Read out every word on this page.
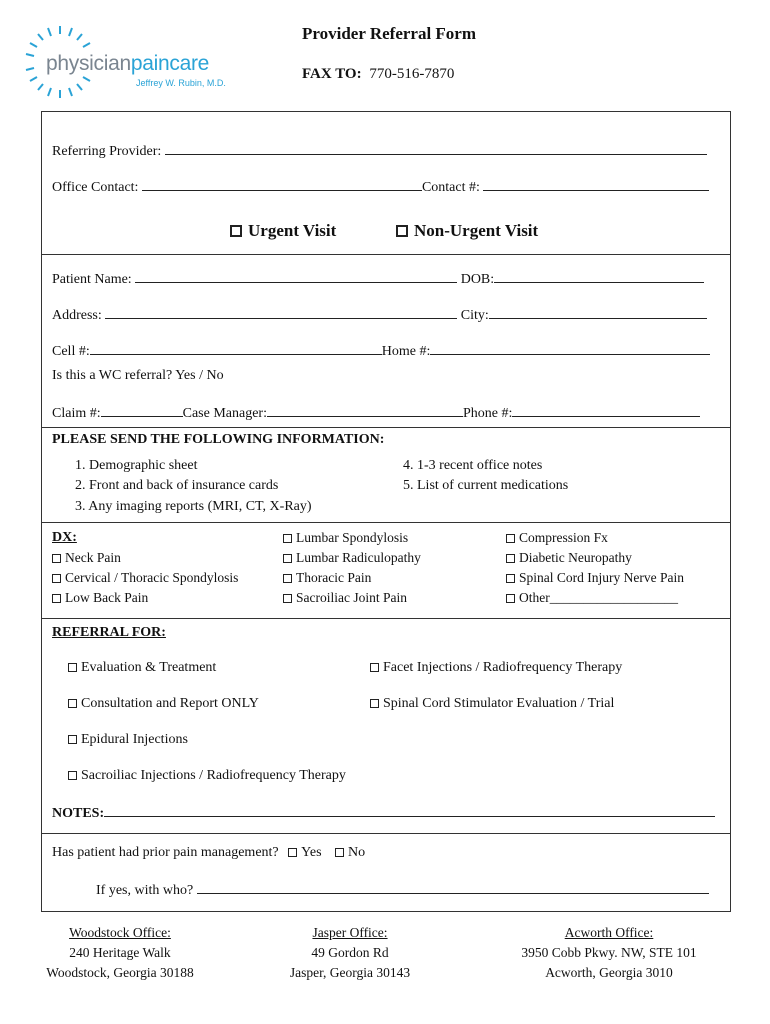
physicianpaincare
Jeffrey W. Rubin, M.D.
Provider Referral Form
FAX TO: 770-516-7870
Referring Provider:
Office Contact:	Contact #:
Urgent Visit	Non-Urgent Visit
Patient Name:	DOB:
Address:	City:
Cell #:	Home #:
Is this a WC referral? Yes / No
Claim #:	Case Manager:	Phone #:
PLEASE SEND THE FOLLOWING INFORMATION:
1. Demographic sheet
2. Front and back of insurance cards
3. Any imaging reports (MRI, CT, X-Ray)
4. 1-3 recent office notes
5. List of current medications
DX:
Neck Pain
Cervical / Thoracic Spondylosis
Low Back Pain
Lumbar Spondylosis
Lumbar Radiculopathy
Thoracic Pain
Sacroiliac Joint Pain
Compression Fx
Diabetic Neuropathy
Spinal Cord Injury Nerve Pain
Other___________________
REFERRAL FOR:
Evaluation & Treatment
Consultation and Report ONLY
Epidural Injections
Sacroiliac Injections / Radiofrequency Therapy
Facet Injections / Radiofrequency Therapy
Spinal Cord Stimulator Evaluation / Trial
NOTES:
Has patient had prior pain management? Yes No
If yes, with who?
Woodstock Office:
240 Heritage Walk
Woodstock, Georgia 30188
Jasper Office:
49 Gordon Rd
Jasper, Georgia 30143
Acworth Office:
3950 Cobb Pkwy. NW, STE 101
Acworth, Georgia 3010
